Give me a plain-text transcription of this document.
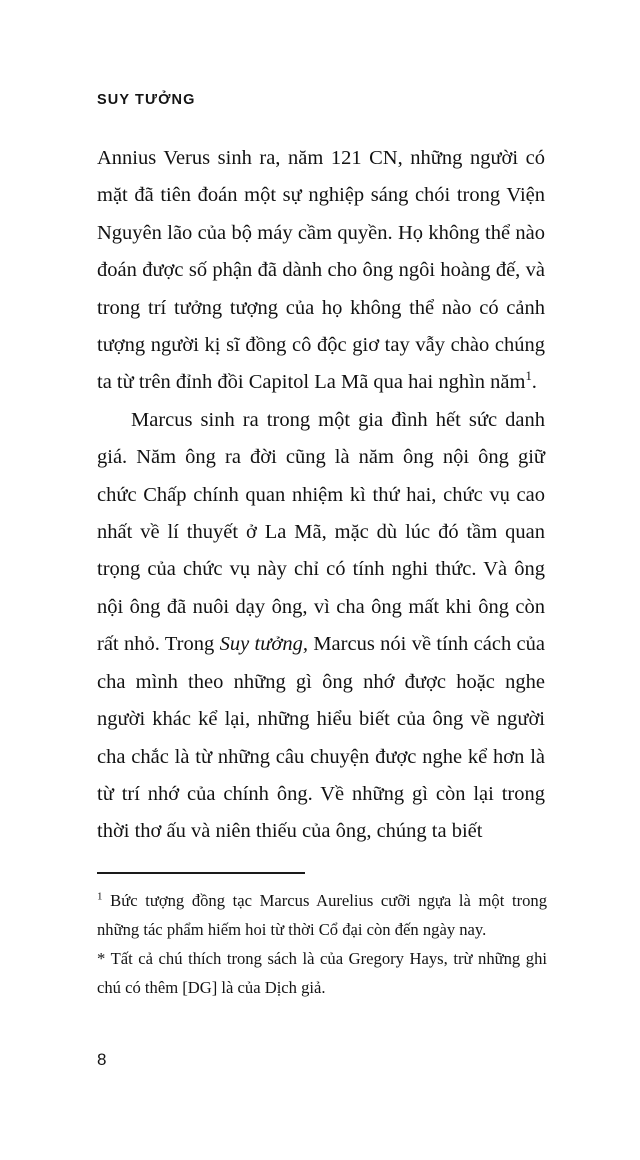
SUY TƯỞNG

Annius Verus sinh ra, năm 121 CN, những người có mặt đã tiên đoán một sự nghiệp sáng chói trong Viện Nguyên lão của bộ máy cầm quyền. Họ không thể nào đoán được số phận đã dành cho ông ngôi hoàng đế, và trong trí tưởng tượng của họ không thể nào có cảnh tượng người kị sĩ đồng cô độc giơ tay vẫy chào chúng ta từ trên đỉnh đồi Capitol La Mã qua hai nghìn năm$^1$.

Marcus sinh ra trong một gia đình hết sức danh giá. Năm ông ra đời cũng là năm ông nội ông giữ chức Chấp chính quan nhiệm kì thứ hai, chức vụ cao nhất về lí thuyết ở La Mã, mặc dù lúc đó tầm quan trọng của chức vụ này chỉ có tính nghi thức. Và ông nội ông đã nuôi dạy ông, vì cha ông mất khi ông còn rất nhỏ. Trong Suy tưởng, Marcus nói về tính cách của cha mình theo những gì ông nhớ được hoặc nghe người khác kể lại, những hiểu biết của ông về người cha chắc là từ những câu chuyện được nghe kể hơn là từ trí nhớ của chính ông. Về những gì còn lại trong thời thơ ấu và niên thiếu của ông, chúng ta biết

$^1$ Bức tượng đồng tạc Marcus Aurelius cưỡi ngựa là một trong những tác phẩm hiếm hoi từ thời Cổ đại còn đến ngày nay.

* Tất cả chú thích trong sách là của Gregory Hays, trừ những ghi chú có thêm [DG] là của Dịch giả.

8
